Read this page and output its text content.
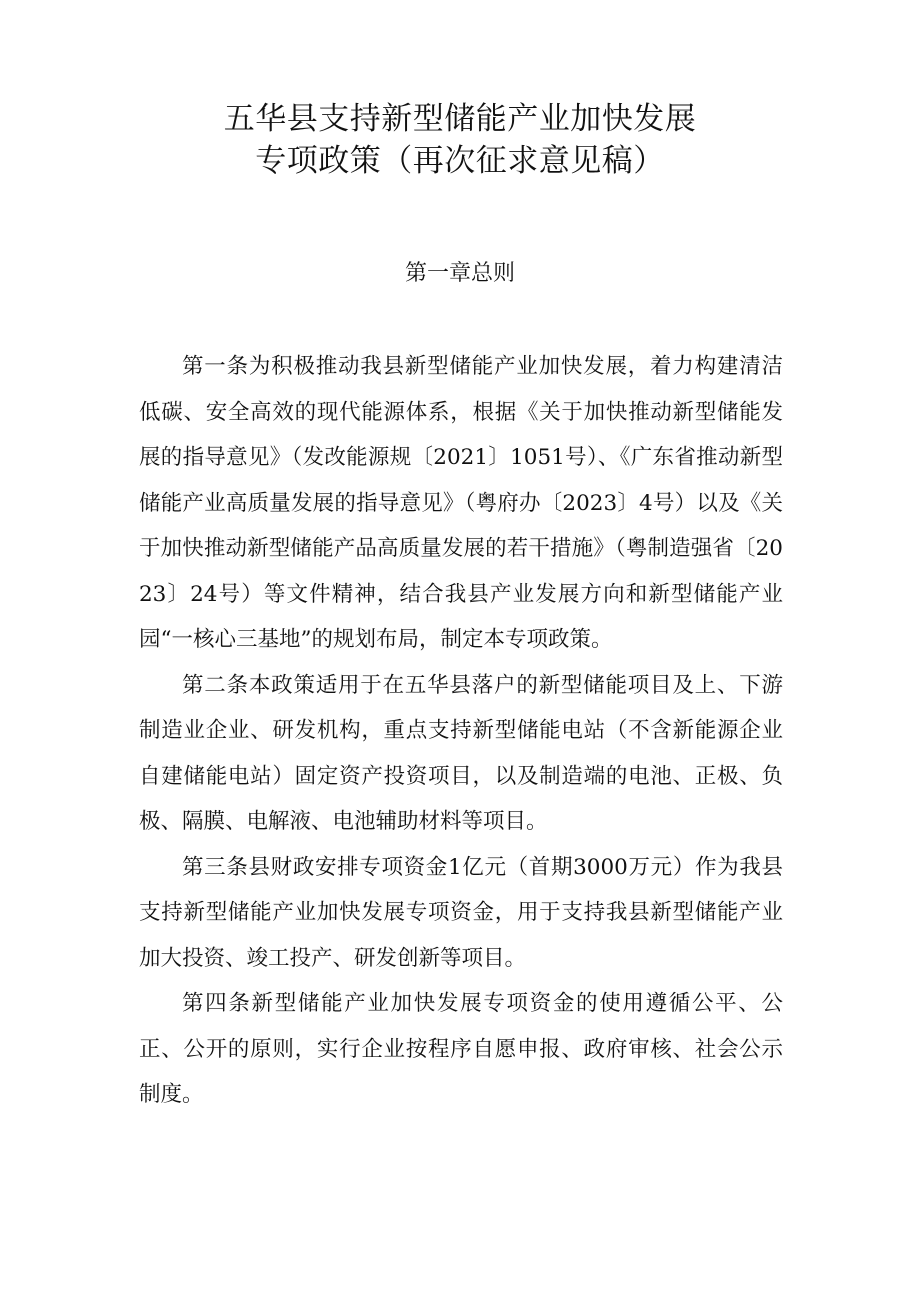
五华县支持新型储能产业加快发展
专项政策（再次征求意见稿）
第一章总则

第一条为积极推动我县新型储能产业加快发展，着力构建清洁低碳、安全高效的现代能源体系，根据《关于加快推动新型储能发展的指导意见》（发改能源规〔2021〕1051号）、《广东省推动新型储能产业高质量发展的指导意见》（粤府办〔2023〕4号）以及《关于加快推动新型储能产品高质量发展的若干措施》（粤制造强省〔2023〕24号）等文件精神，结合我县产业发展方向和新型储能产业园“一核心三基地”的规划布局，制定本专项政策。

第二条本政策适用于在五华县落户的新型储能项目及上、下游制造业企业、研发机构，重点支持新型储能电站（不含新能源企业自建储能电站）固定资产投资项目，以及制造端的电池、正极、负极、隔膜、电解液、电池辅助材料等项目。

第三条县财政安排专项资金1亿元（首期3000万元）作为我县支持新型储能产业加快发展专项资金，用于支持我县新型储能产业加大投资、竣工投产、研发创新等项目。

第四条新型储能产业加快发展专项资金的使用遵循公平、公正、公开的原则，实行企业按程序自愿申报、政府审核、社会公示制度。
